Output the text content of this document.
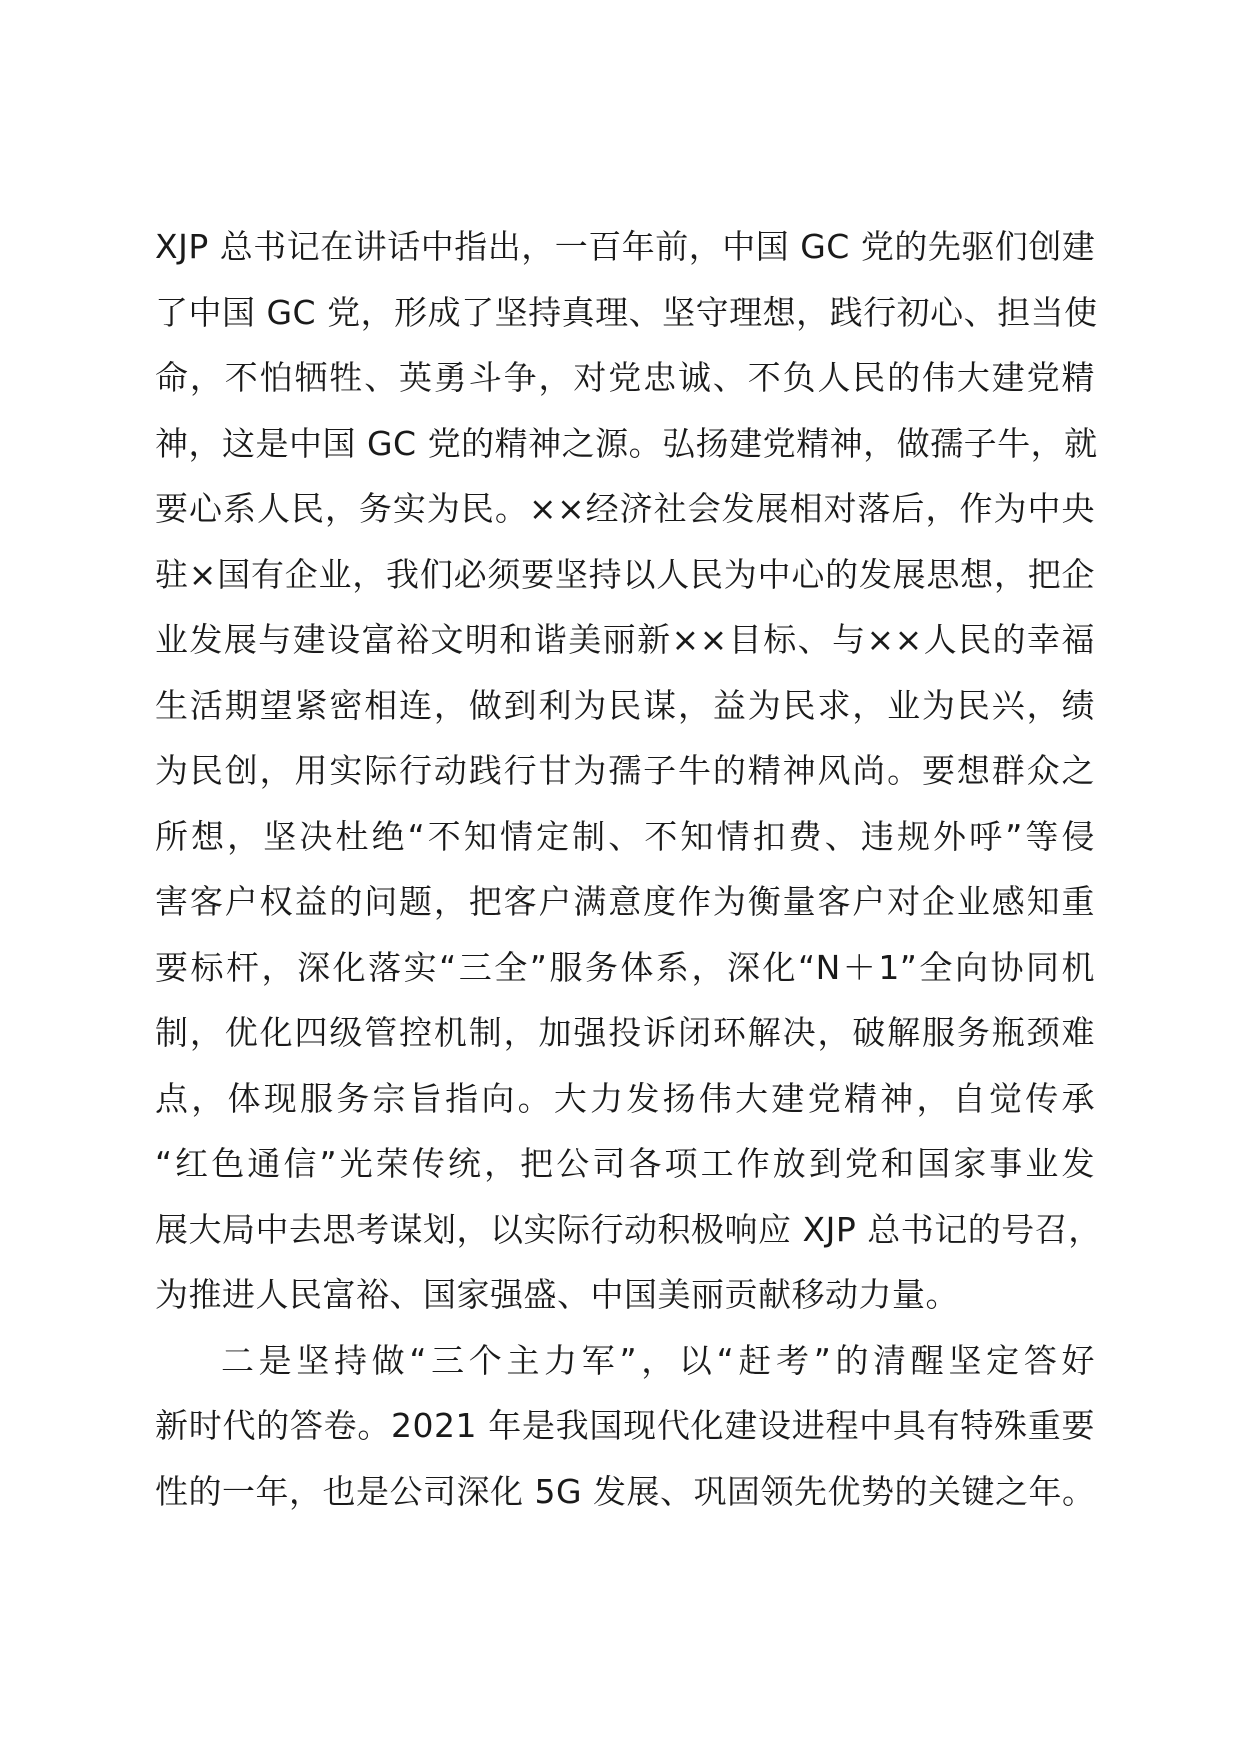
XJP 总书记在讲话中指出，一百年前，中国 GC 党的先驱们创建
了中国 GC 党，形成了坚持真理、坚守理想，践行初心、担当使
命，不怕牺牲、英勇斗争，对党忠诚、不负人民的伟大建党精
神，这是中国 GC 党的精神之源。弘扬建党精神，做孺子牛，就
要心系人民，务实为民。××经济社会发展相对落后，作为中央
驻×国有企业，我们必须要坚持以人民为中心的发展思想，把企
业发展与建设富裕文明和谐美丽新××目标、与××人民的幸福
生活期望紧密相连，做到利为民谋，益为民求，业为民兴，绩
为民创，用实际行动践行甘为孺子牛的精神风尚。要想群众之
所想，坚决杜绝“不知情定制、不知情扣费、违规外呼”等侵
害客户权益的问题，把客户满意度作为衡量客户对企业感知重
要标杆，深化落实“三全”服务体系，深化“N＋1”全向协同机
制，优化四级管控机制，加强投诉闭环解决，破解服务瓶颈难
点，体现服务宗旨指向。大力发扬伟大建党精神，自觉传承
“红色通信”光荣传统，把公司各项工作放到党和国家事业发
展大局中去思考谋划，以实际行动积极响应 XJP 总书记的号召，
为推进人民富裕、国家强盛、中国美丽贡献移动力量。
二是坚持做“三个主力军”，以“赶考”的清醒坚定答好
新时代的答卷。2021 年是我国现代化建设进程中具有特殊重要
性的一年，也是公司深化 5G 发展、巩固领先优势的关键之年。
